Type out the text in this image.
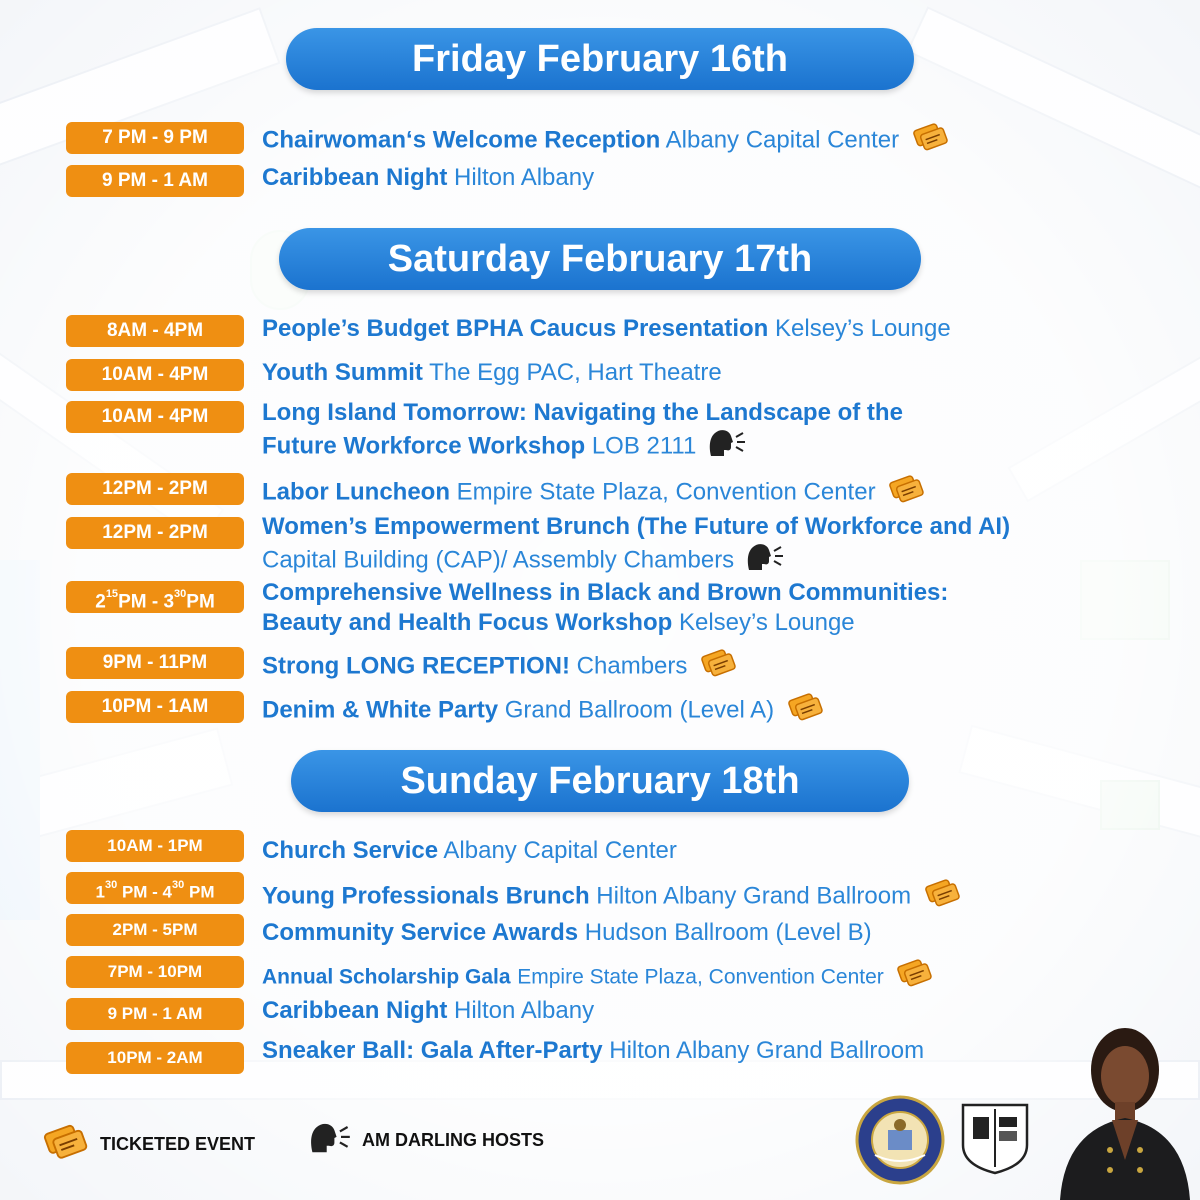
Friday February 16th
7 PM - 9 PM	Chairwoman‘s Welcome Reception Albany Capital Center
9 PM - 1 AM	Caribbean Night Hilton Albany
Saturday February 17th
8AM - 4PM	People’s Budget BPHA Caucus Presentation Kelsey’s Lounge
10AM - 4PM	Youth Summit The Egg PAC, Hart Theatre
10AM - 4PM	Long Island Tomorrow: Navigating the Landscape of the
Future Workforce Workshop LOB 2111
12PM - 2PM	Labor Luncheon Empire State Plaza, Convention Center
12PM - 2PM	Women’s Empowerment Brunch (The Future of Workforce and AI)
Capital Building (CAP)/ Assembly Chambers
$2^{15}PM - 3^{30}PM$	Comprehensive Wellness in Black and Brown Communities:
Beauty and Health Focus Workshop Kelsey’s Lounge
9PM - 11PM	Strong LONG RECEPTION! Chambers
10PM - 1AM	Denim & White Party Grand Ballroom (Level A)
Sunday February 18th
10AM - 1PM	Church Service Albany Capital Center
$1^{30}$ PM - $4^{30}$ PM	Young Professionals Brunch Hilton Albany Grand Ballroom
2PM - 5PM	Community Service Awards Hudson Ballroom (Level B)
7PM - 10PM	Annual Scholarship Gala Empire State Plaza, Convention Center
9 PM - 1 AM	Caribbean Night Hilton Albany
10PM - 2AM	Sneaker Ball: Gala After-Party Hilton Albany Grand Ballroom
TICKETED EVENT	AM DARLING HOSTS
